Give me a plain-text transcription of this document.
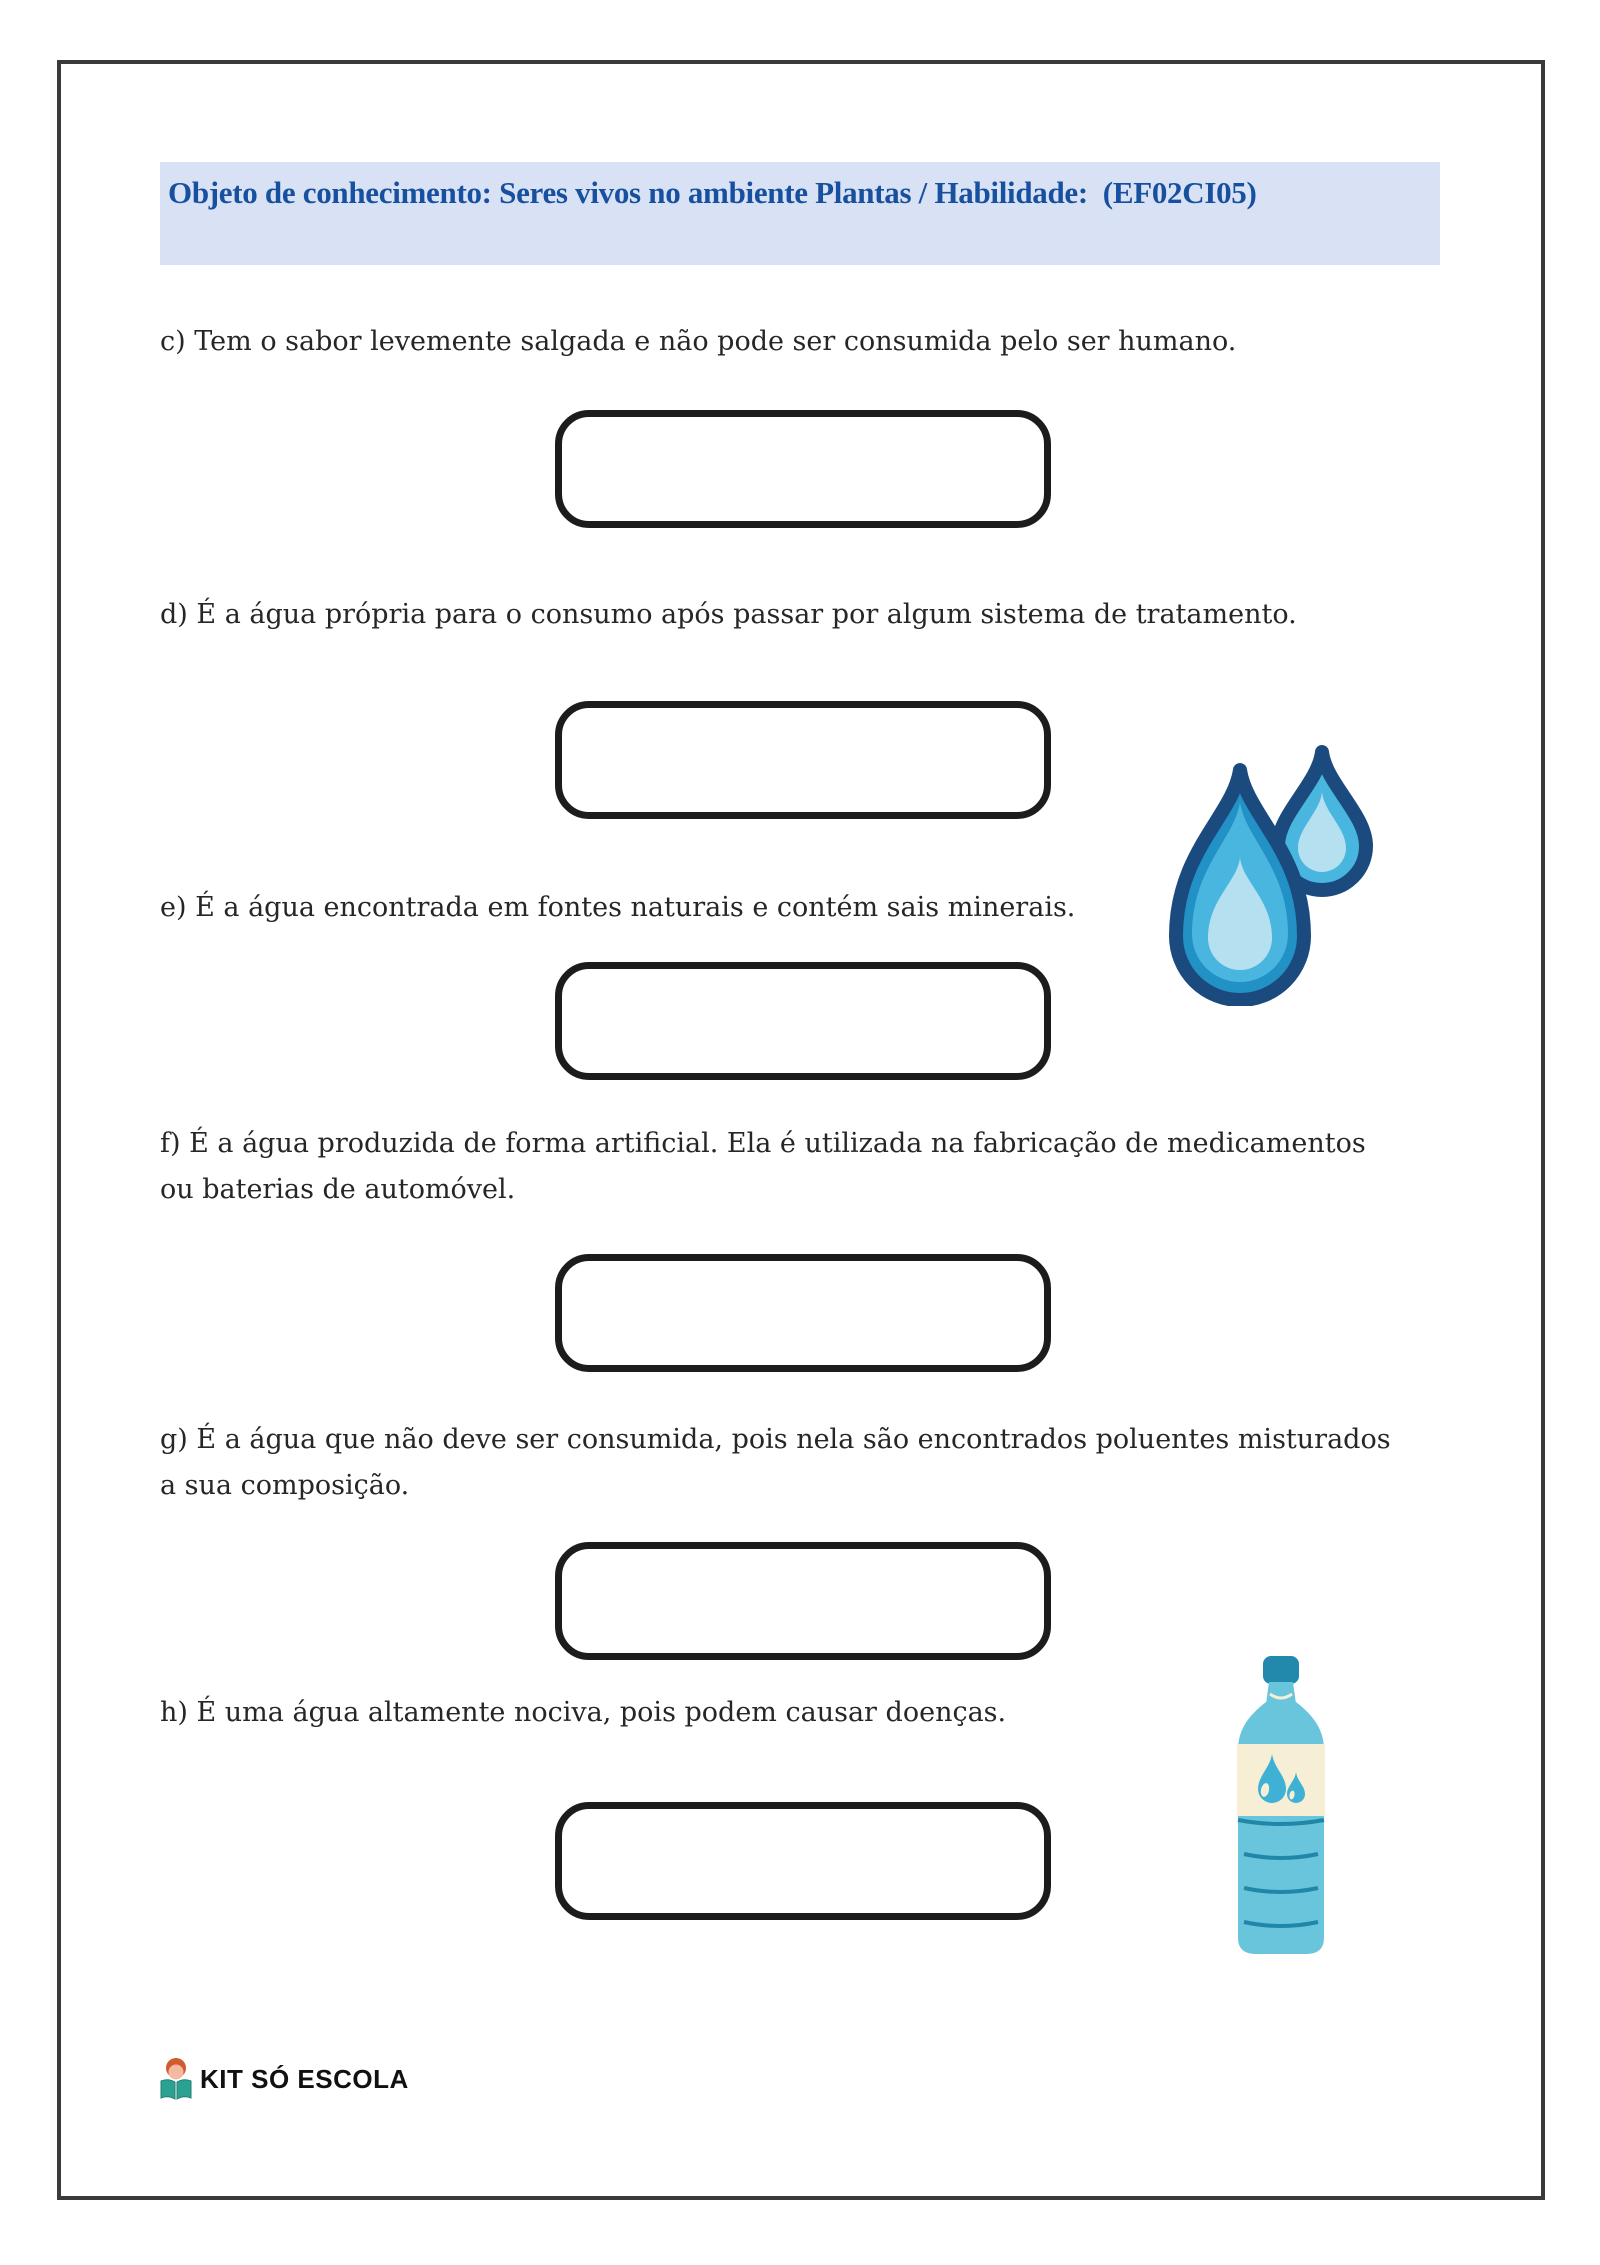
Objeto de conhecimento: Seres vivos no ambiente Plantas / Habilidade:  (EF02CI05)
c) Tem o sabor levemente salgada e não pode ser consumida pelo ser humano.
d) É a água própria para o consumo após passar por algum sistema de tratamento.
e) É a água encontrada em fontes naturais e contém sais minerais.
f) É a água produzida de forma artificial. Ela é utilizada na fabricação de medicamentos
ou baterias de automóvel.
g) É a água que não deve ser consumida, pois nela são encontrados poluentes misturados
a sua composição.
h) É uma água altamente nociva, pois podem causar doenças.
KIT SÓ ESCOLA
